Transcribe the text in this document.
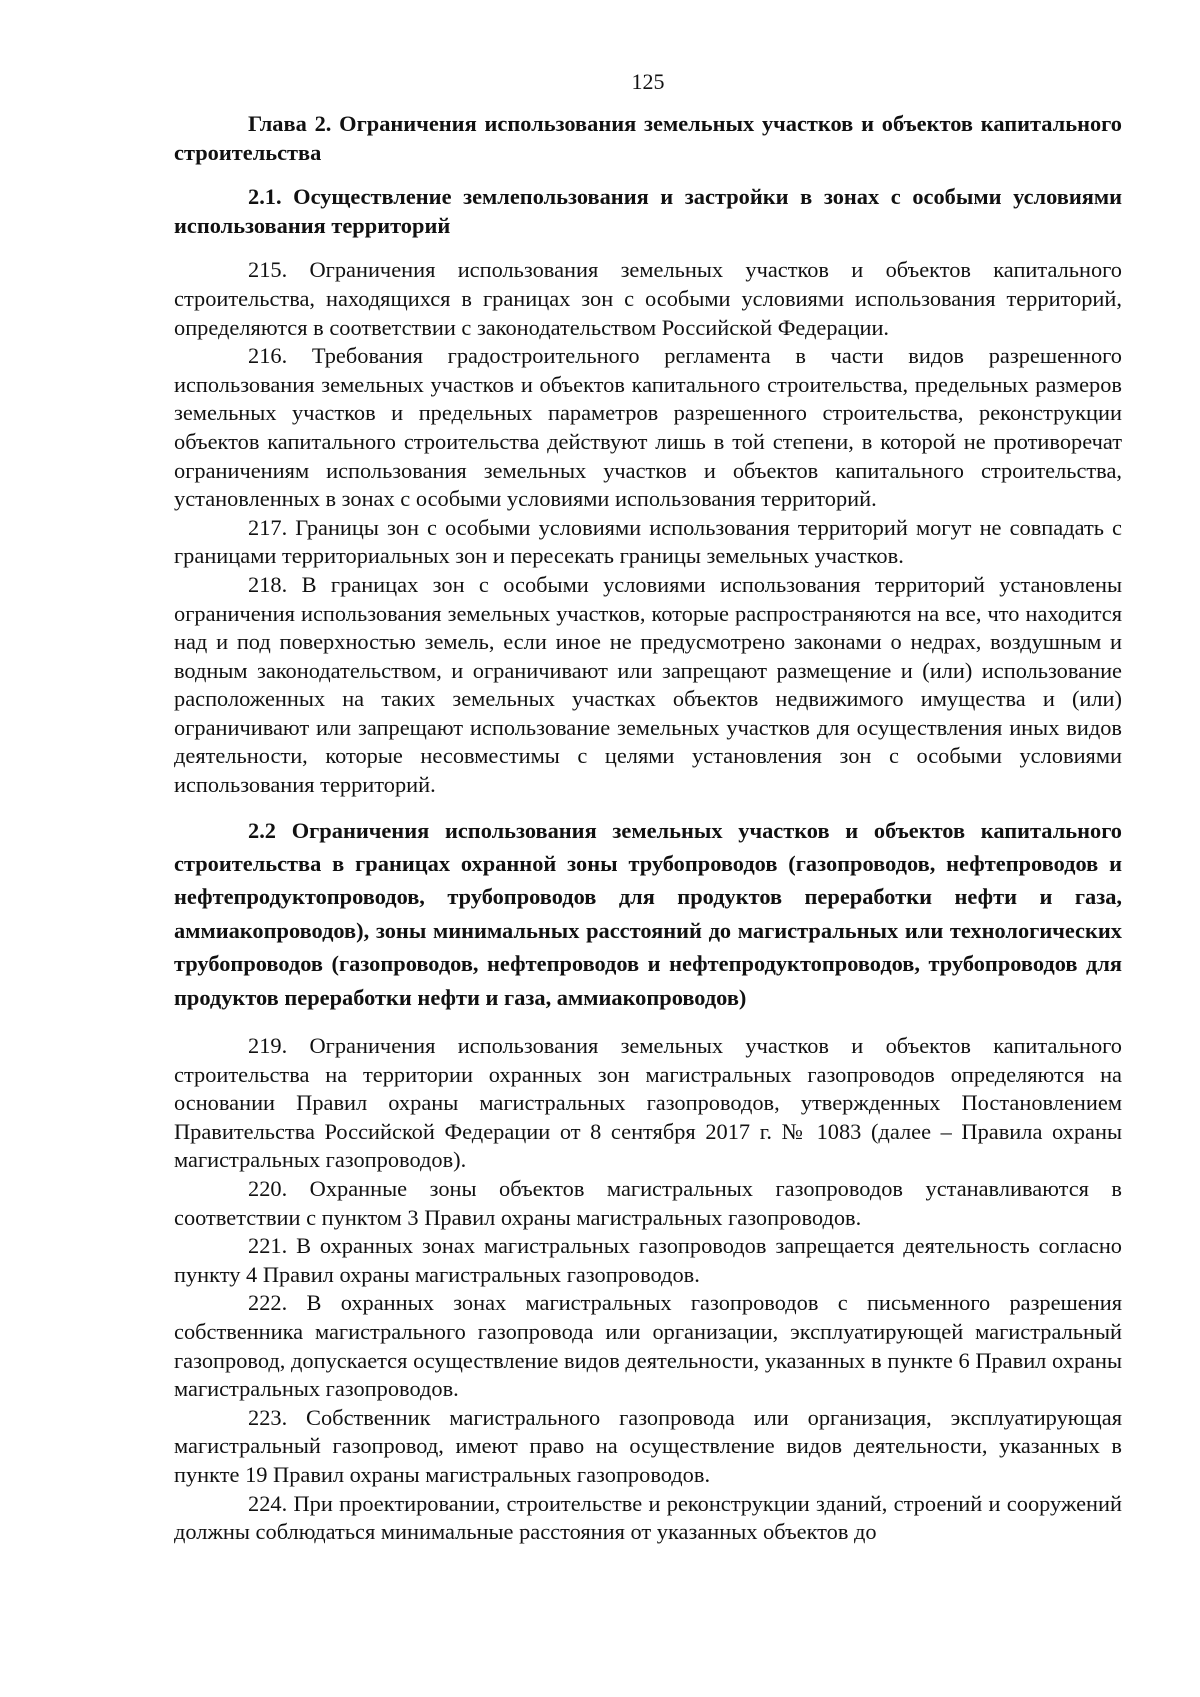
125

Глава 2. Ограничения использования земельных участков и объектов капитального строительства

2.1. Осуществление землепользования и застройки в зонах с особыми условиями использования территорий

215. Ограничения использования земельных участков и объектов капитального строительства, находящихся в границах зон с особыми условиями использования территорий, определяются в соответствии с законодательством Российской Федерации.

216. Требования градостроительного регламента в части видов разрешенного использования земельных участков и объектов капитального строительства, предельных размеров земельных участков и предельных параметров разрешенного строительства, реконструкции объектов капитального строительства действуют лишь в той степени, в которой не противоречат ограничениям использования земельных участков и объектов капитального строительства, установленных в зонах с особыми условиями использования территорий.

217. Границы зон с особыми условиями использования территорий могут не совпадать с границами территориальных зон и пересекать границы земельных участков.

218. В границах зон с особыми условиями использования территорий установлены ограничения использования земельных участков, которые распространяются на все, что находится над и под поверхностью земель, если иное не предусмотрено законами о недрах, воздушным и водным законодательством, и ограничивают или запрещают размещение и (или) использование расположенных на таких земельных участках объектов недвижимого имущества и (или) ограничивают или запрещают использование земельных участков для осуществления иных видов деятельности, которые несовместимы с целями установления зон с особыми условиями использования территорий.

2.2 Ограничения использования земельных участков и объектов капитального строительства в границах охранной зоны трубопроводов (газопроводов, нефтепроводов и нефтепродуктопроводов, трубопроводов для продуктов переработки нефти и газа, аммиакопроводов), зоны минимальных расстояний до магистральных или технологических трубопроводов (газопроводов, нефтепроводов и нефтепродуктопроводов, трубопроводов для продуктов переработки нефти и газа, аммиакопроводов)

219. Ограничения использования земельных участков и объектов капитального строительства на территории охранных зон магистральных газопроводов определяются на основании Правил охраны магистральных газопроводов, утвержденных Постановлением Правительства Российской Федерации от 8 сентября 2017 г. № 1083 (далее – Правила охраны магистральных газопроводов).

220. Охранные зоны объектов магистральных газопроводов устанавливаются в соответствии с пунктом 3 Правил охраны магистральных газопроводов.

221. В охранных зонах магистральных газопроводов запрещается деятельность согласно пункту 4 Правил охраны магистральных газопроводов.

222. В охранных зонах магистральных газопроводов с письменного разрешения собственника магистрального газопровода или организации, эксплуатирующей магистральный газопровод, допускается осуществление видов деятельности, указанных в пункте 6 Правил охраны магистральных газопроводов.

223. Собственник магистрального газопровода или организация, эксплуатирующая магистральный газопровод, имеют право на осуществление видов деятельности, указанных в пункте 19 Правил охраны магистральных газопроводов.

224. При проектировании, строительстве и реконструкции зданий, строений и сооружений должны соблюдаться минимальные расстояния от указанных объектов до
